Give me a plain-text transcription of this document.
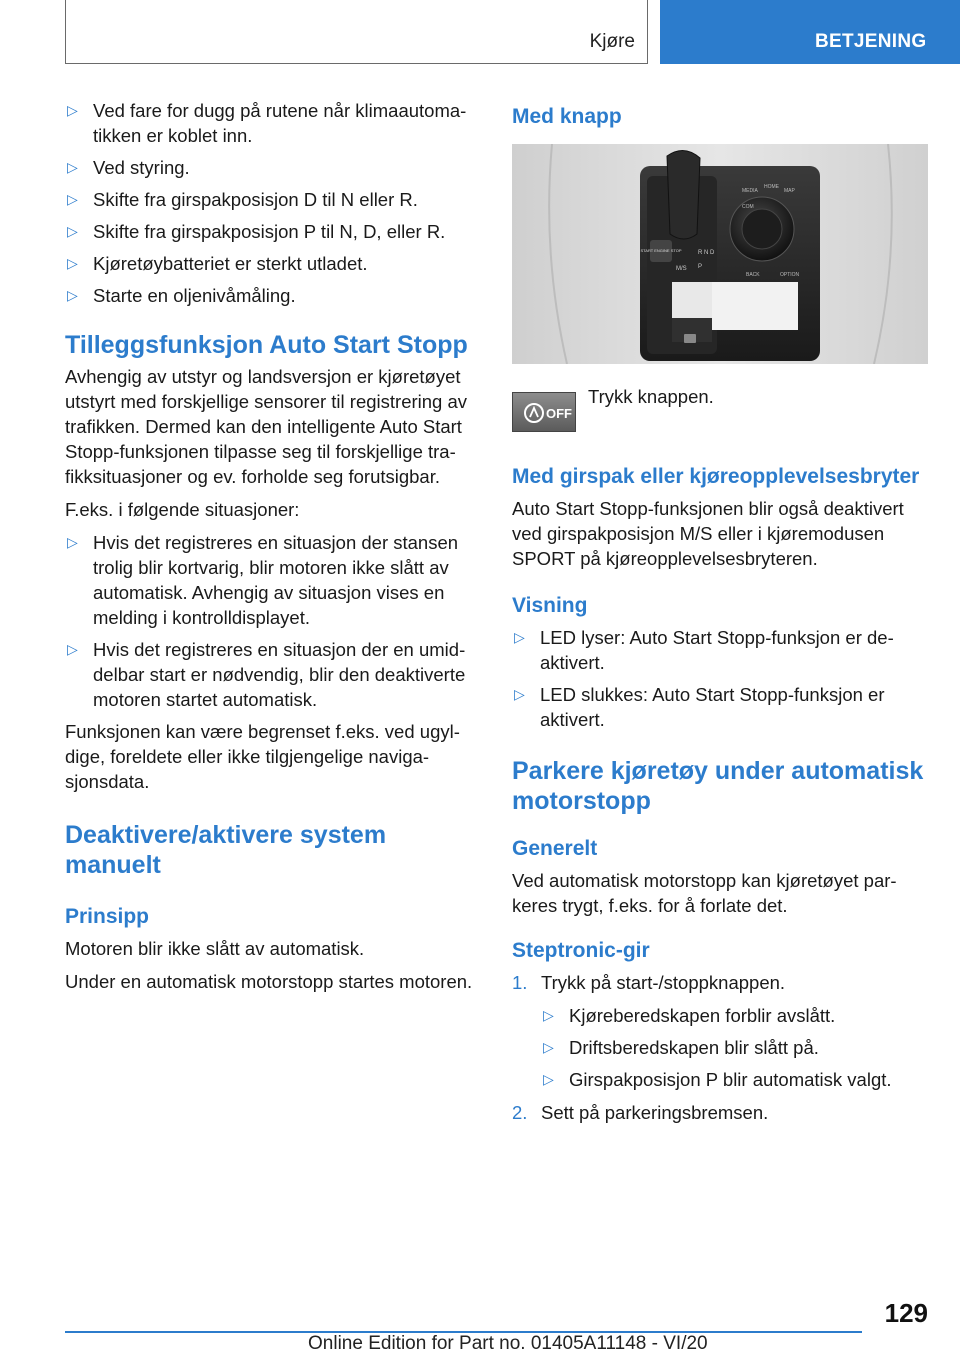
Kjøre	BETJENING
▷ Ved fare for dugg på rutene når klimaautomatikken er koblet inn.
▷ Ved styring.
▷ Skifte fra girspakposisjon D til N eller R.
▷ Skifte fra girspakposisjon P til N, D, eller R.
▷ Kjøretøybatteriet er sterkt utladet.
▷ Starte en oljenivåmåling.
Tilleggsfunksjon Auto Start Stopp

Avhengig av utstyr og landsversjon er kjøretøyet utstyrt med forskjellige sensorer til registrering av trafikken. Dermed kan den intelligente Auto Start Stopp-funksjonen tilpasse seg til forskjellige trafikksituasjoner og ev. forholde seg forutsigbar.

F.eks. i følgende situasjoner:

▷ Hvis det registreres en situasjon der stansen trolig blir kortvarig, blir motoren ikke slått av automatisk. Avhengig av situasjon vises en melding i kontrolldisplayet.
▷ Hvis det registreres en situasjon der en umiddelbar start er nødvendig, blir den deaktiverte motoren startet automatisk.

Funksjonen kan være begrenset f.eks. ved ugyldige, foreldete eller ikke tilgjengelige navigasjonsdata.

Deaktivere/aktivere system manuelt
Prinsipp

Motoren blir ikke slått av automatisk.

Under en automatisk motorstopp startes motoren.

Med knapp
START ENGINE STOP	R N D
M/S P
MEDIA
HOME
MAP
COM
BACK	OPTION
OFF
Trykk knappen.
Med girspak eller kjøreopplevelsesbryter

Auto Start Stopp-funksjonen blir også deaktivert ved girspakposisjon M/S eller i kjøremodusen SPORT på kjøreopplevelsesbryteren.

Visning
▷ LED lyser: Auto Start Stopp-funksjon er deaktivert.
▷ LED slukkes: Auto Start Stopp-funksjon er aktivert.
Parkere kjøretøy under automatisk motorstopp
Generelt

Ved automatisk motorstopp kan kjøretøyet parkeres trygt, f.eks. for å forlate det.

Steptronic-gir
1. Trykk på start-/stoppknappen.
▷ Kjøreberedskapen forblir avslått.
▷ Driftsberedskapen blir slått på.
▷ Girspakposisjon P blir automatisk valgt.
2. Sett på parkeringsbremsen.
129
Online Edition for Part no. 01405A11148 - VI/20
